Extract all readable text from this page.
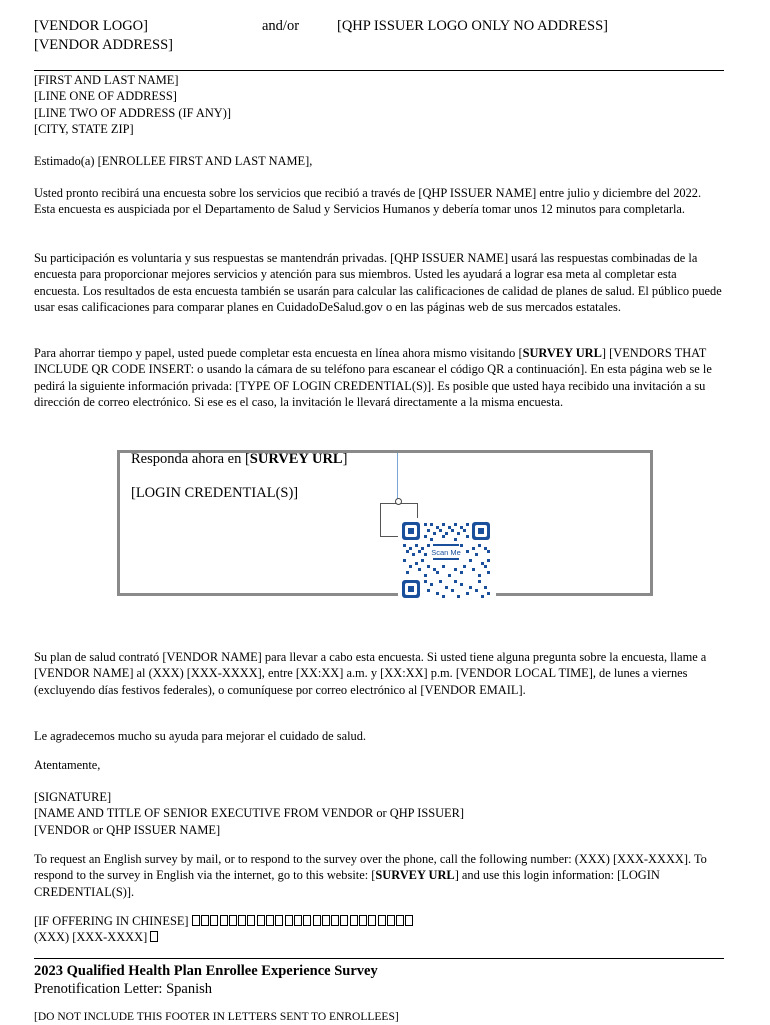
[VENDOR LOGO]	and/or	[QHP ISSUER LOGO ONLY NO ADDRESS]
[VENDOR ADDRESS]
[FIRST AND LAST NAME]
[LINE ONE OF ADDRESS]
[LINE TWO OF ADDRESS (IF ANY)]
[CITY, STATE ZIP]
Estimado(a) [ENROLLEE FIRST AND LAST NAME],
Usted pronto recibirá una encuesta sobre los servicios que recibió a través de [QHP ISSUER NAME] entre julio y diciembre del 2022. Esta encuesta es auspiciada por el Departamento de Salud y Servicios Humanos y debería tomar unos 12 minutos para completarla.
Su participación es voluntaria y sus respuestas se mantendrán privadas. [QHP ISSUER NAME] usará las respuestas combinadas de la encuesta para proporcionar mejores servicios y atención para sus miembros. Usted les ayudará a lograr esa meta al completar esta encuesta. Los resultados de esta encuesta también se usarán para calcular las calificaciones de calidad de planes de salud. El público puede usar esas calificaciones para comparar planes en CuidadoDeSalud.gov o en las páginas web de sus mercados estatales.
Para ahorrar tiempo y papel, usted puede completar esta encuesta en línea ahora mismo visitando [SURVEY URL] [VENDORS THAT INCLUDE QR CODE INSERT: o usando la cámara de su teléfono para escanear el código QR a continuación]. En esta página web se le pedirá la siguiente información privada: [TYPE OF LOGIN CREDENTIAL(S)]. Es posible que usted haya recibido una invitación a su dirección de correo electrónico. Si ese es el caso, la invitación le llevará directamente a la misma encuesta.
Responda ahora en [SURVEY URL]
[LOGIN CREDENTIAL(S)]
Scan Me
Su plan de salud contrató [VENDOR NAME] para llevar a cabo esta encuesta. Si usted tiene alguna pregunta sobre la encuesta, llame a [VENDOR NAME] al (XXX) [XXX-XXXX], entre [XX:XX] a.m. y [XX:XX] p.m. [VENDOR LOCAL TIME], de lunes a viernes (excluyendo días festivos federales), o comuníquese por correo electrónico al [VENDOR EMAIL].
Le agradecemos mucho su ayuda para mejorar el cuidado de salud.
Atentamente,
[SIGNATURE]
[NAME AND TITLE OF SENIOR EXECUTIVE FROM VENDOR or QHP ISSUER]
[VENDOR or QHP ISSUER NAME]
To request an English survey by mail, or to respond to the survey over the phone, call the following number: (XXX) [XXX-XXXX]. To respond to the survey in English via the internet, go to this website: [SURVEY URL] and use this login information: [LOGIN CREDENTIAL(S)].
[IF OFFERING IN CHINESE]
(XXX) [XXX-XXXX]
2023 Qualified Health Plan Enrollee Experience Survey
Prenotification Letter: Spanish
[DO NOT INCLUDE THIS FOOTER IN LETTERS SENT TO ENROLLEES]
